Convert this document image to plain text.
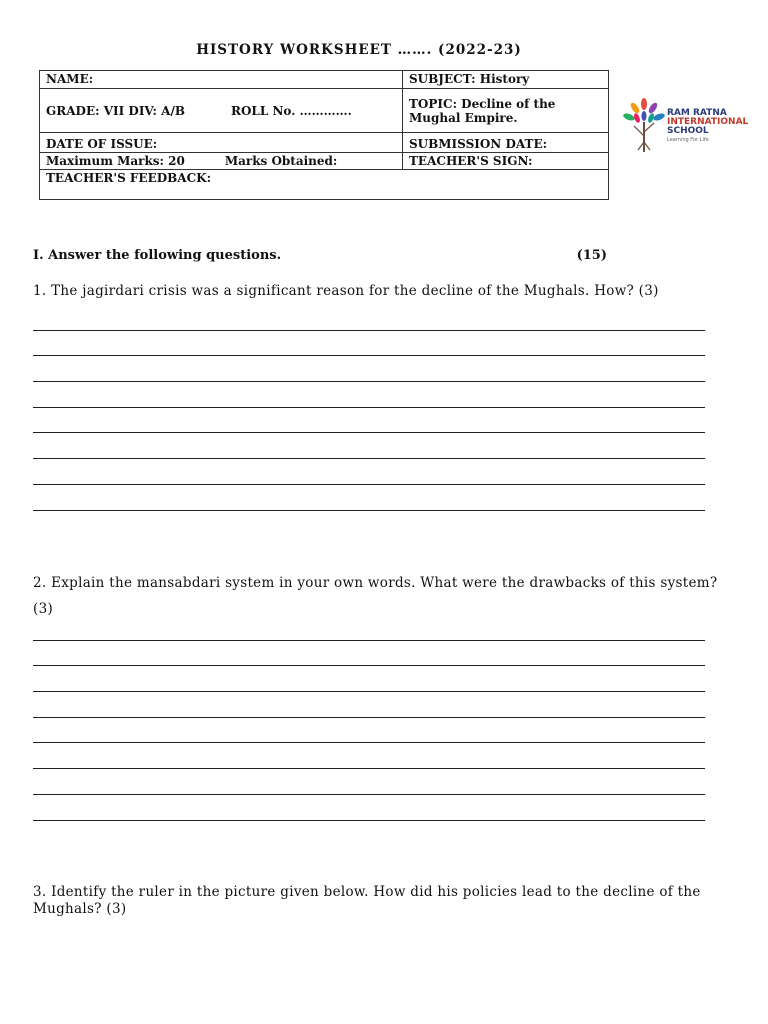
HISTORY WORKSHEET ……. (2022-23)
NAME:	SUBJECT: History
GRADE: VII DIV: A/B ROLL No. ………….	TOPIC: Decline of the Mughal Empire.
DATE OF ISSUE:	SUBMISSION DATE:
Maximum Marks: 20 Marks Obtained:	TEACHER'S SIGN:
TEACHER'S FEEDBACK:	
RAM RATNA
INTERNATIONAL
SCHOOL
Learning For Life
I. Answer the following questions.	(15)
1. The jagirdari crisis was a significant reason for the decline of the Mughals. How? (3)
2. Explain the mansabdari system in your own words. What were the drawbacks of this system? (3)
3. Identify the ruler in the picture given below. How did his policies lead to the decline of the Mughals? (3)
